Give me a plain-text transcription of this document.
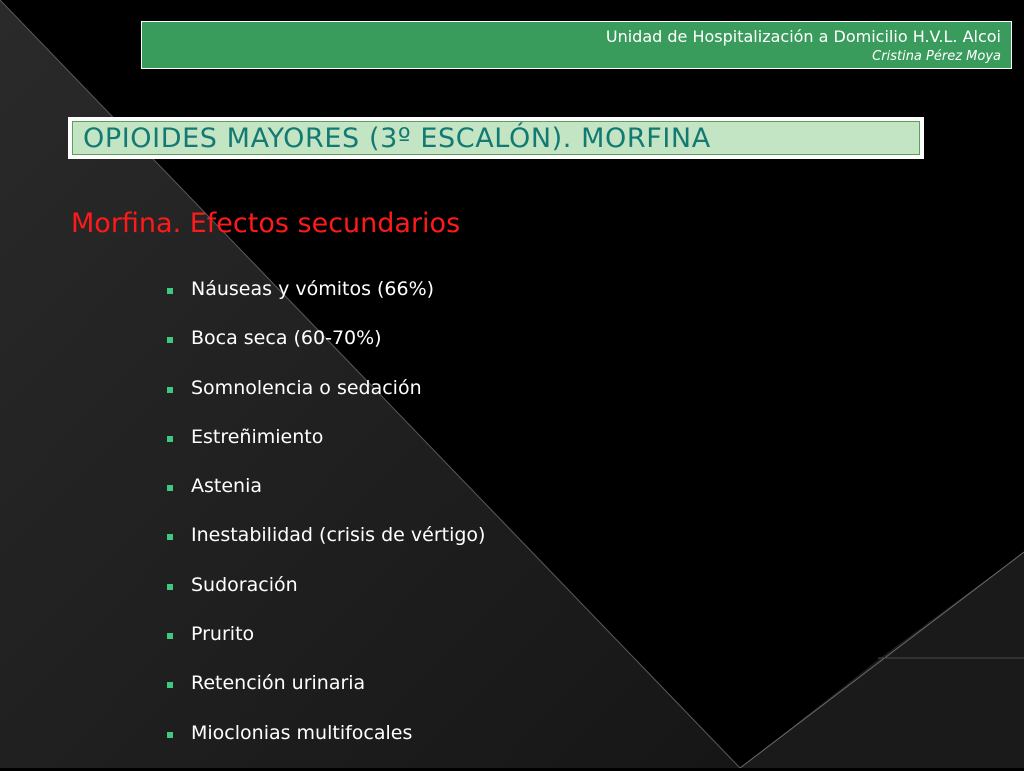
Unidad de Hospitalización a Domicilio H.V.L. Alcoi
Cristina Pérez Moya
OPIOIDES MAYORES (3º ESCALÓN). MORFINA
Morfina. Efectos secundarios
Náuseas y vómitos (66%)
Boca seca (60-70%)
Somnolencia o sedación
Estreñimiento
Astenia
Inestabilidad (crisis de vértigo)
Sudoración
Prurito
Retención urinaria
Mioclonias multifocales
